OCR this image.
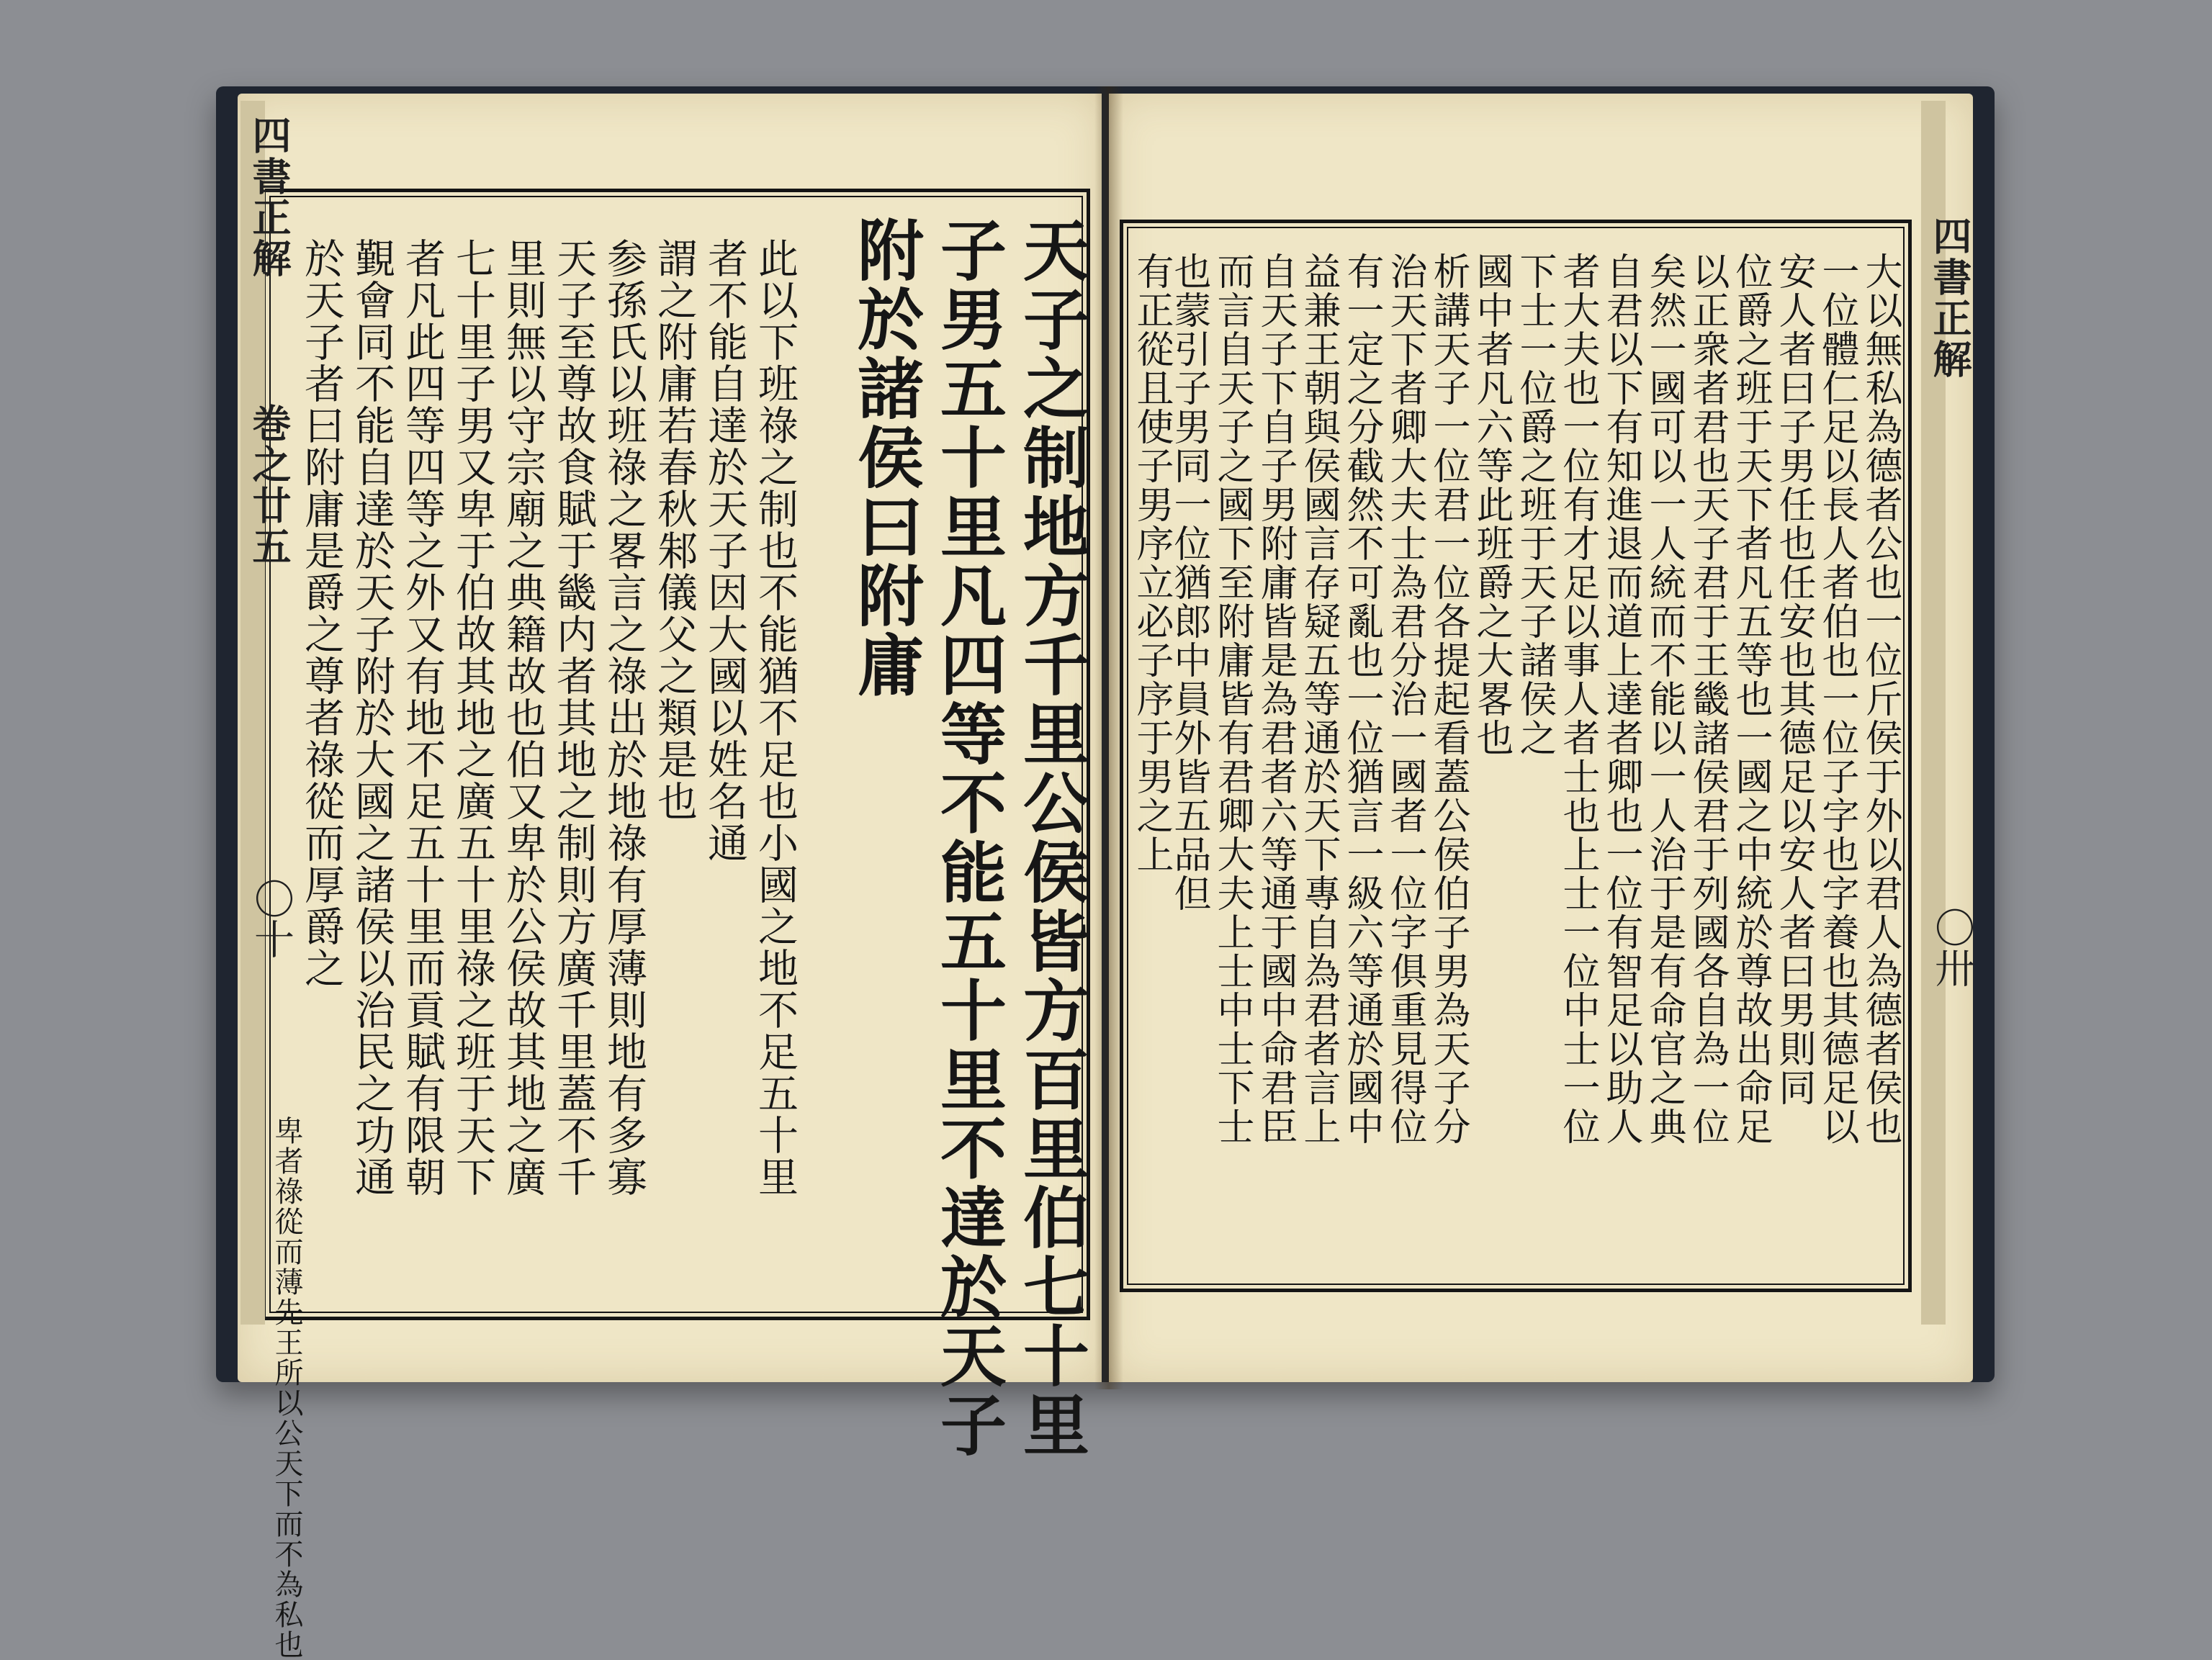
四書正解
巻之廿五
〇十	天子之制地方千里公侯皆方百里伯七十里
子男五十里凡四等不能五十里不達於天子
附於諸侯曰附庸
此以下班祿之制也不能猶不足也小國之地不足五十里
者不能自達於天子因大國以姓名通
謂之附庸若春秋邾儀父之類是也
参孫氏以班祿之畧言之祿出於地祿有厚薄則地有多寡
天子至尊故食賦于畿内者其地之制則方廣千里蓋不千
里則無以守宗廟之典籍故也伯又卑於公侯故其地之廣
七十里子男又卑于伯故其地之廣五十里祿之班于天下
者凡此四等四等之外又有地不足五十里而貢賦有限朝
覲會同不能自達於天子附於大國之諸侯以治民之功通
於天子者曰附庸是爵之尊者祿從而厚爵之
卑者祿從而薄先王所以公天下而不為私也
四書正解
〇卅
大以無私為德者公也一位斤侯于外以君人為德者侯也
一位體仁足以長人者伯也一位子字也字養也其德足以
安人者曰子男任也任安也其德足以安人者曰男則同
位爵之班于天下者凡五等也一國之中統於尊故出命足
以正衆者君也天子君于王畿諸侯君于列國各自為一位
矣然一國可以一人統而不能以一人治于是有命官之典
自君以下有知進退而道上達者卿也一位有智足以助人
者大夫也一位有才足以事人者士也上士一位中士一位
下士一位爵之班于天子諸侯之
國中者凡六等此班爵之大畧也
析講天子一位君一位各提起看蓋公侯伯子男為天子分
治天下者卿大夫士為君分治一國者一位字俱重見得位
有一定之分截然不可亂也一位猶言一級六等通於國中
益兼王朝與侯國言存疑五等通於天下專自為君者言上
自天子下自子男附庸皆是為君者六等通于國中命君臣
而言自天子之國下至附庸皆有君卿大夫上士中士下士
也蒙引子男同一位猶郎中員外皆五品但
有正從且使子男序立必子序于男之上
